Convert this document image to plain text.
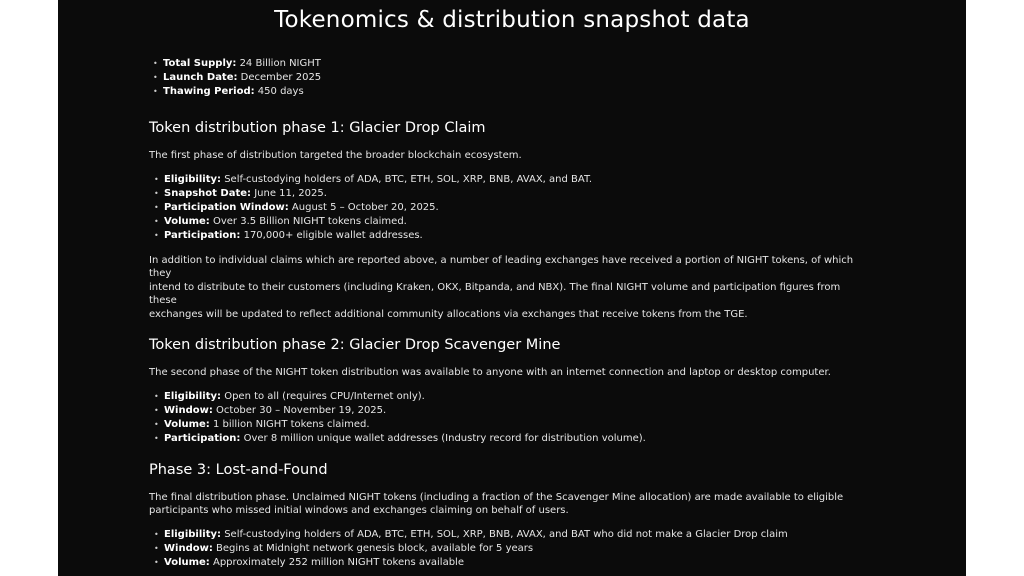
Tokenomics & distribution snapshot data
• Total Supply: 24 Billion NIGHT
• Launch Date: December 2025
• Thawing Period: 450 days
Token distribution phase 1: Glacier Drop Claim

The first phase of distribution targeted the broader blockchain ecosystem.

• Eligibility: Self-custodying holders of ADA, BTC, ETH, SOL, XRP, BNB, AVAX, and BAT.
• Snapshot Date: June 11, 2025.
• Participation Window: August 5 – October 20, 2025.
• Volume: Over 3.5 Billion NIGHT tokens claimed.
• Participation: 170,000+ eligible wallet addresses.

In addition to individual claims which are reported above, a number of leading exchanges have received a portion of NIGHT tokens, of which they
intend to distribute to their customers (including Kraken, OKX, Bitpanda, and NBX). The final NIGHT volume and participation figures from these
exchanges will be updated to reflect additional community allocations via exchanges that receive tokens from the TGE.

Token distribution phase 2: Glacier Drop Scavenger Mine

The second phase of the NIGHT token distribution was available to anyone with an internet connection and laptop or desktop computer.

• Eligibility: Open to all (requires CPU/Internet only).
• Window: October 30 – November 19, 2025.
• Volume: 1 billion NIGHT tokens claimed.
• Participation: Over 8 million unique wallet addresses (Industry record for distribution volume).
Phase 3: Lost-and-Found

The final distribution phase. Unclaimed NIGHT tokens (including a fraction of the Scavenger Mine allocation) are made available to eligible
participants who missed initial windows and exchanges claiming on behalf of users.

• Eligibility: Self-custodying holders of ADA, BTC, ETH, SOL, XRP, BNB, AVAX, and BAT who did not make a Glacier Drop claim
• Window: Begins at Midnight network genesis block, available for 5 years
• Volume: Approximately 252 million NIGHT tokens available
